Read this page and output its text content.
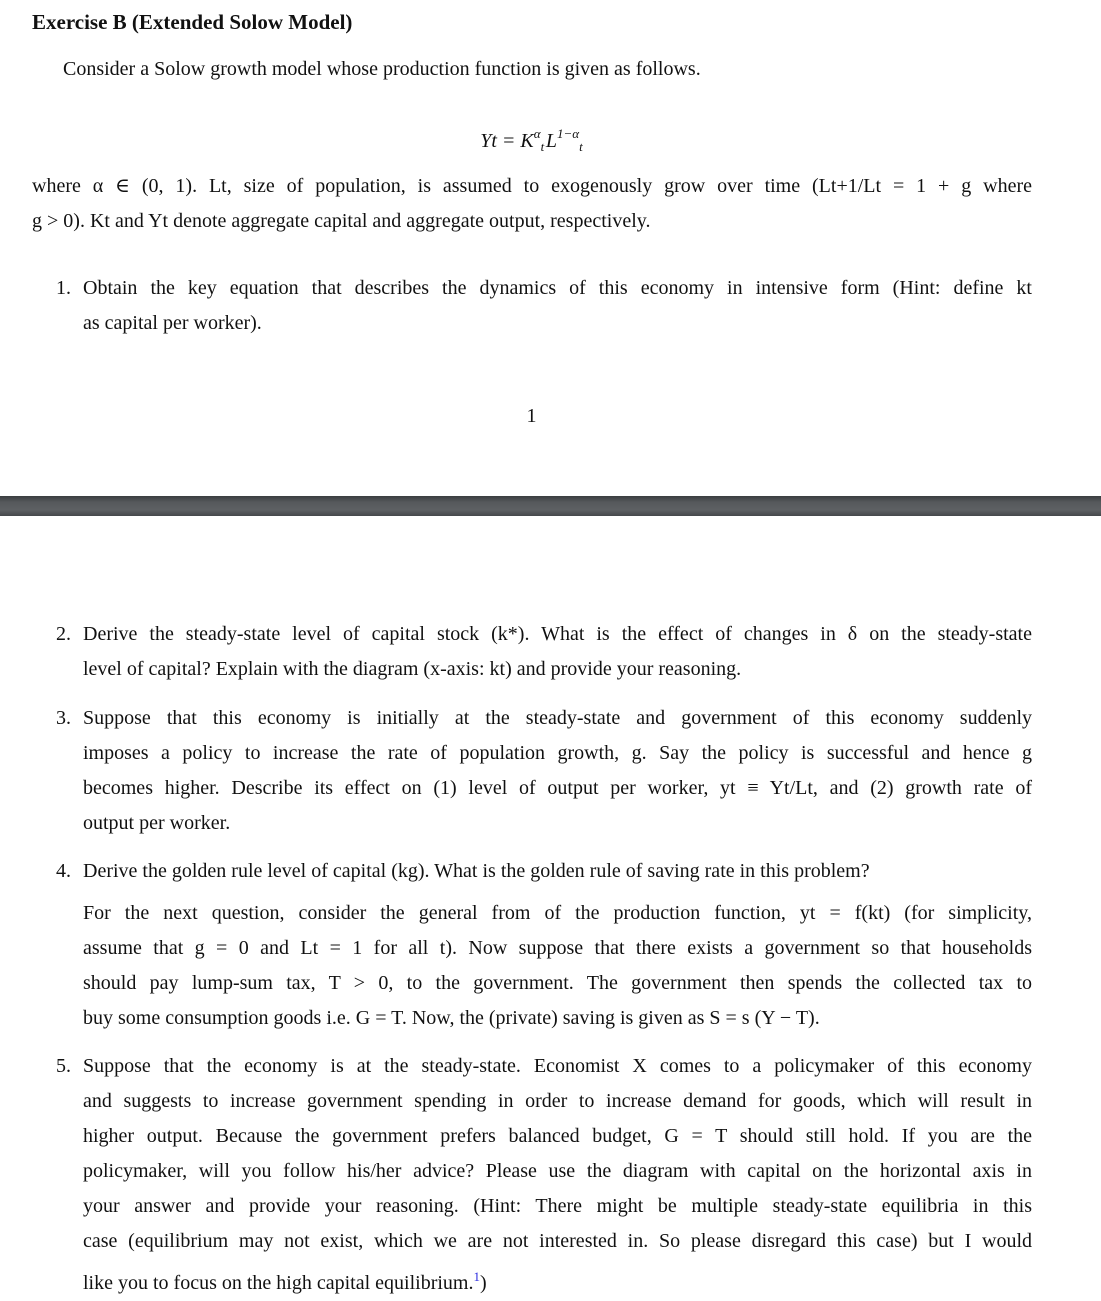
Exercise B (Extended Solow Model)
Consider a Solow growth model whose production function is given as follows.
$Yt = K^\alpha_t$ $L^{1-\alpha}_t$
where α ∈ (0, 1). Lt, size of population, is assumed to exogenously grow over time (Lt+1/Lt = 1 + g where
g > 0). Kt and Yt denote aggregate capital and aggregate output, respectively.
1. Obtain the key equation that describes the dynamics of this economy in intensive form (Hint: define kt
as capital per worker).
1
2. Derive the steady-state level of capital stock (k*). What is the effect of changes in δ on the steady-state
level of capital? Explain with the diagram (x-axis: kt) and provide your reasoning.
3. Suppose that this economy is initially at the steady-state and government of this economy suddenly
imposes a policy to increase the rate of population growth, g. Say the policy is successful and hence g
becomes higher. Describe its effect on (1) level of output per worker, yt ≡ Yt/Lt, and (2) growth rate of
output per worker.
4. Derive the golden rule level of capital (kg). What is the golden rule of saving rate in this problem?
For the next question, consider the general from of the production function, yt = f(kt) (for simplicity,
assume that g = 0 and Lt = 1 for all t). Now suppose that there exists a government so that households
should pay lump-sum tax, T > 0, to the government. The government then spends the collected tax to
buy some consumption goods i.e. G = T. Now, the (private) saving is given as S = s (Y − T).
5. Suppose that the economy is at the steady-state. Economist X comes to a policymaker of this economy
and suggests to increase government spending in order to increase demand for goods, which will result in
higher output. Because the government prefers balanced budget, G = T should still hold. If you are the
policymaker, will you follow his/her advice? Please use the diagram with capital on the horizontal axis in
your answer and provide your reasoning. (Hint: There might be multiple steady-state equilibria in this
case (equilibrium may not exist, which we are not interested in. So please disregard this case) but I would
like you to focus on the high capital equilibrium.$^1$)
